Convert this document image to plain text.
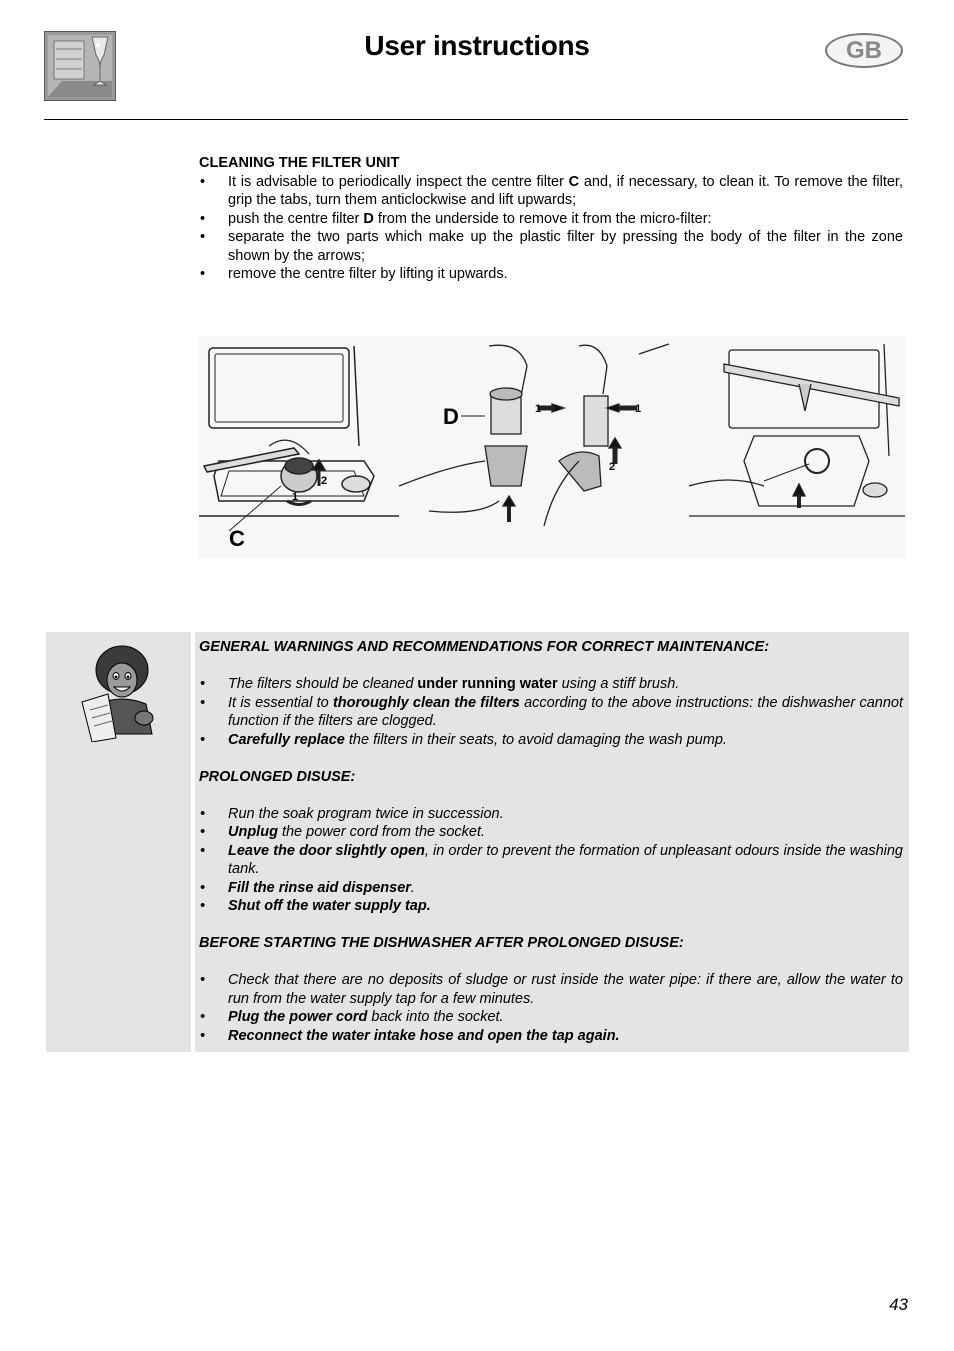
User instructions	GB
CLEANING THE FILTER UNIT
• It is advisable to periodically inspect the centre filter C and, if necessary, to clean it. To remove the filter, grip the tabs, turn them anticlockwise and lift upwards;
• push the centre filter D from the underside to remove it from the micro-filter:
• separate the two parts which make up the plastic filter by pressing the body of the filter in the zone shown by the arrows;
• remove the centre filter by lifting it upwards.
C
2
1
D	1	1
2
GENERAL WARNINGS AND RECOMMENDATIONS FOR CORRECT MAINTENANCE:
• The filters should be cleaned under running water using a stiff brush.
• It is essential to thoroughly clean the filters according to the above instructions: the dishwasher cannot function if the filters are clogged.
• Carefully replace the filters in their seats, to avoid damaging the wash pump.
PROLONGED DISUSE:
• Run the soak program twice in succession.
• Unplug the power cord from the socket.
• Leave the door slightly open, in order to prevent the formation of unpleasant odours inside the washing tank.
• Fill the rinse aid dispenser.
• Shut off the water supply tap.
BEFORE STARTING THE DISHWASHER AFTER PROLONGED DISUSE:
• Check that there are no deposits of sludge or rust inside the water pipe: if there are, allow the water to run from the water supply tap for a few minutes.
• Plug the power cord back into the socket.
• Reconnect the water intake hose and open the tap again.
43
